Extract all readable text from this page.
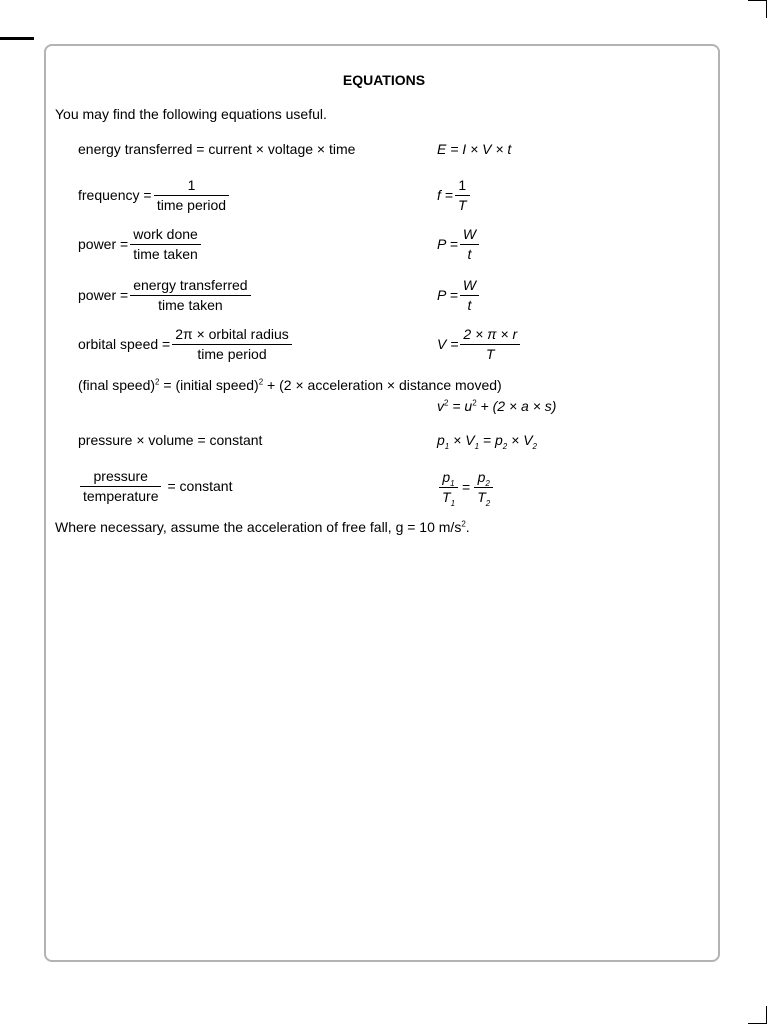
EQUATIONS
You may find the following equations useful.
energy transferred = current × voltage × time	E = I × V × t
frequency = $\frac{1}{\text{time period}}$	$f = \frac{1}{T}$
power = $\frac{\text{work done}}{\text{time taken}}$	$P = \frac{W}{t}$
power = $\frac{\text{energy transferred}}{\text{time taken}}$	$P = \frac{W}{t}$
orbital speed = $\frac{\text{2π × orbital radius}}{\text{time period}}$	$V = \frac{2 \times \pi \times r}{T}$
(final speed)$^2$ = (initial speed)$^2$ + (2 × acceleration × distance moved)
$v^2 = u^2 + (2 \times a \times s)$
pressure × volume = constant	$p_1 \times V_1 = p_2 \times V_2$
$\frac{\text{pressure}}{\text{temperature}}$ = constant	$\frac{p_1}{T_1} = \frac{p_2}{T_2}$
Where necessary, assume the acceleration of free fall, g = 10 $m/s^2$.
